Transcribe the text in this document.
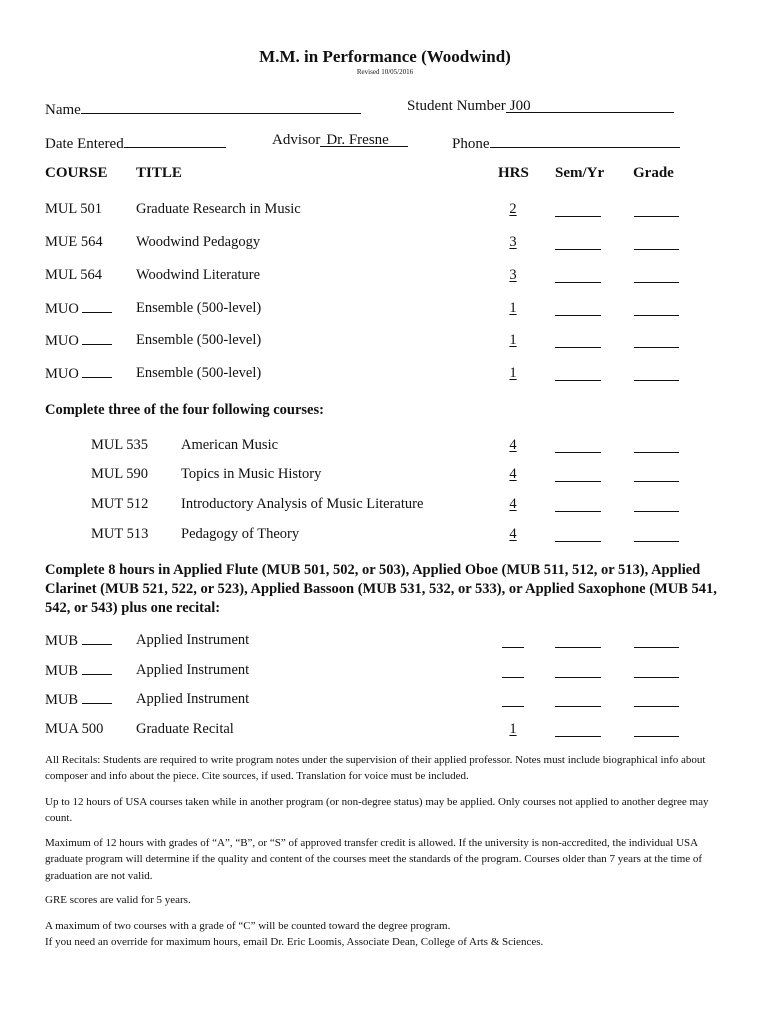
M.M. in Performance (Woodwind)
Revised 10/05/2016
Name	Student Number J00
Date Entered	Advisor Dr. Fresne	Phone
COURSE TITLE	HRS Sem/Yr Grade
MUL 501 Graduate Research in Music	2
MUE 564 Woodwind Pedagogy	3
MUL 564 Woodwind Literature	3
MUO	Ensemble (500-level)	1
MUO	Ensemble (500-level)	1
MUO	Ensemble (500-level)	1
Complete three of the four following courses:
MUL 535 American Music	4
MUL 590 Topics in Music History	4
MUT 512 Introductory Analysis of Music Literature	4
MUT 513 Pedagogy of Theory	4
Complete 8 hours in Applied Flute (MUB 501, 502, or 503), Applied Oboe (MUB 511, 512, or 513), Applied Clarinet (MUB 521, 522, or 523), Applied Bassoon (MUB 531, 532, or 533), or Applied Saxophone (MUB 541, 542, or 543) plus one recital:
MUB	Applied Instrument
MUB	Applied Instrument
MUB	Applied Instrument
MUA 500 Graduate Recital	1
All Recitals: Students are required to write program notes under the supervision of their applied professor. Notes must include biographical info about composer and info about the piece. Cite sources, if used. Translation for voice must be included.
Up to 12 hours of USA courses taken while in another program (or non-degree status) may be applied. Only courses not applied to another degree may count.
Maximum of 12 hours with grades of “A”, “B”, or “S” of approved transfer credit is allowed. If the university is non-accredited, the individual USA graduate program will determine if the quality and content of the courses meet the standards of the program. Courses older than 7 years at the time of graduation are not valid.
GRE scores are valid for 5 years.
A maximum of two courses with a grade of “C” will be counted toward the degree program.
If you need an override for maximum hours, email Dr. Eric Loomis, Associate Dean, College of Arts & Sciences.
